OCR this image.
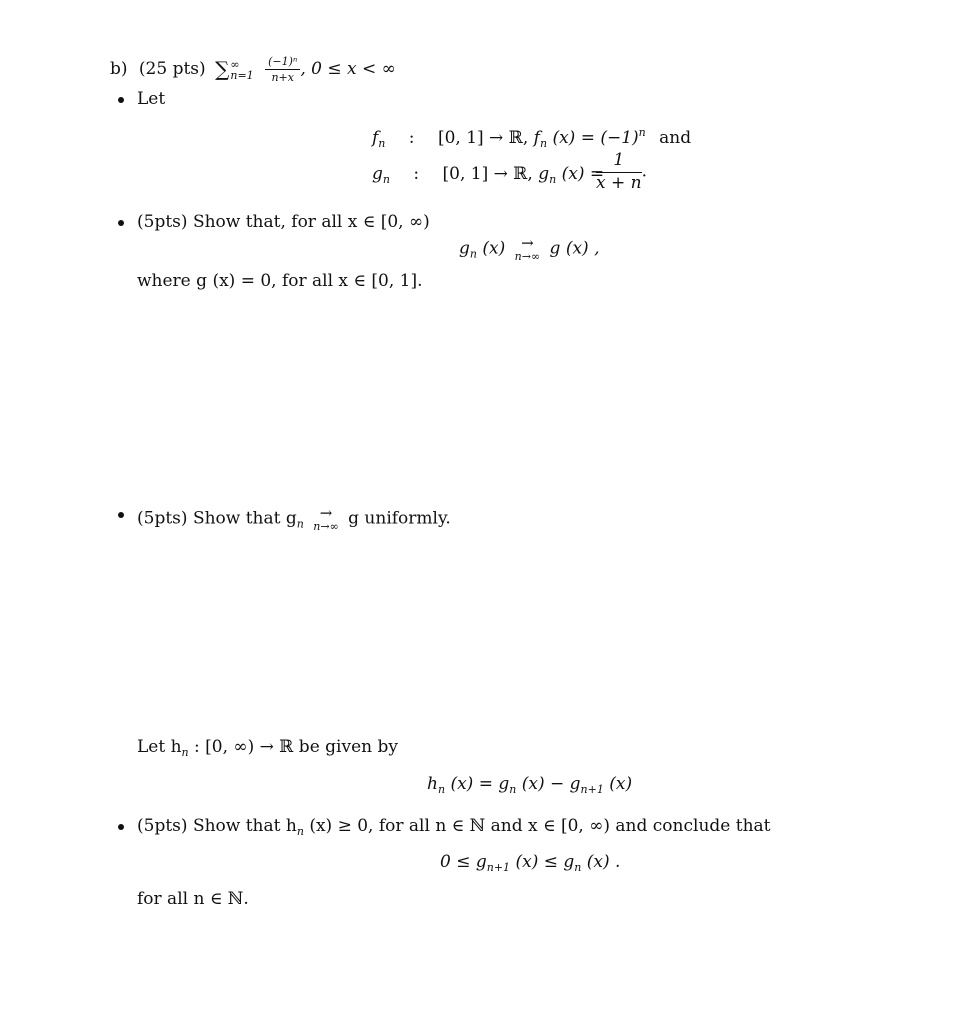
b) (25 pts) ∑ ∞
n=1
$\frac{\text{(−1)ⁿ}}{n+x}$ , 0 ≤ x < ∞
Let
$f_n$ : [0, 1] → ℝ, $f_n$ $(x) = (-1)^n$ and
$g_n$ : [0, 1] → ℝ, $g_n$ (x) =
$\frac{1}{x + n}$ .
(5pts) Show that, for all x ∈ [0, ∞)
$g_n$ (x)	→
n→∞ g (x) ,
where g (x) = 0, for all x ∈ [0, 1].
(5pts) Show that $g_n$
→
n→∞ g uniformly.
Let $h_n$ : [0, ∞) → ℝ be given by
$h_n$ $(x) = g_n$ $(x) - g_{n+1}$ (x)
(5pts) Show that $h_n$ (x) ≥ 0, for all n ∈ ℕ and x ∈ [0, ∞) and conclude that
$0 \le g_{n+1}$ $(x) \le g_n$ (x) .
for all n ∈ ℕ.
